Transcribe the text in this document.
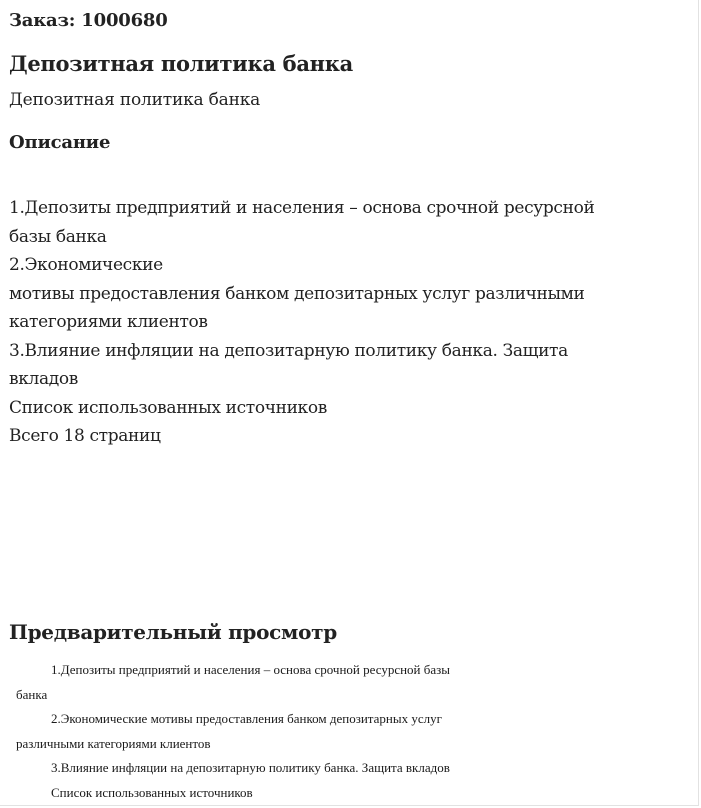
Заказ: 1000680
Депозитная политика банка
Депозитная политика банка
Описание
1.Депозиты предприятий и населения – основа срочной ресурсной
базы банка
2.Экономические
мотивы предоставления банком депозитарных услуг различными
категориями клиентов
3.Влияние инфляции на депозитарную политику банка. Защита
вкладов
Список использованных источников
Всего 18 страниц
Предварительный просмотр
1.Депозиты предприятий и населения – основа срочной ресурсной базы
банка
2.Экономические мотивы предоставления банком депозитарных услуг
различными категориями клиентов
3.Влияние инфляции на депозитарную политику банка. Защита вкладов
Список использованных источников
